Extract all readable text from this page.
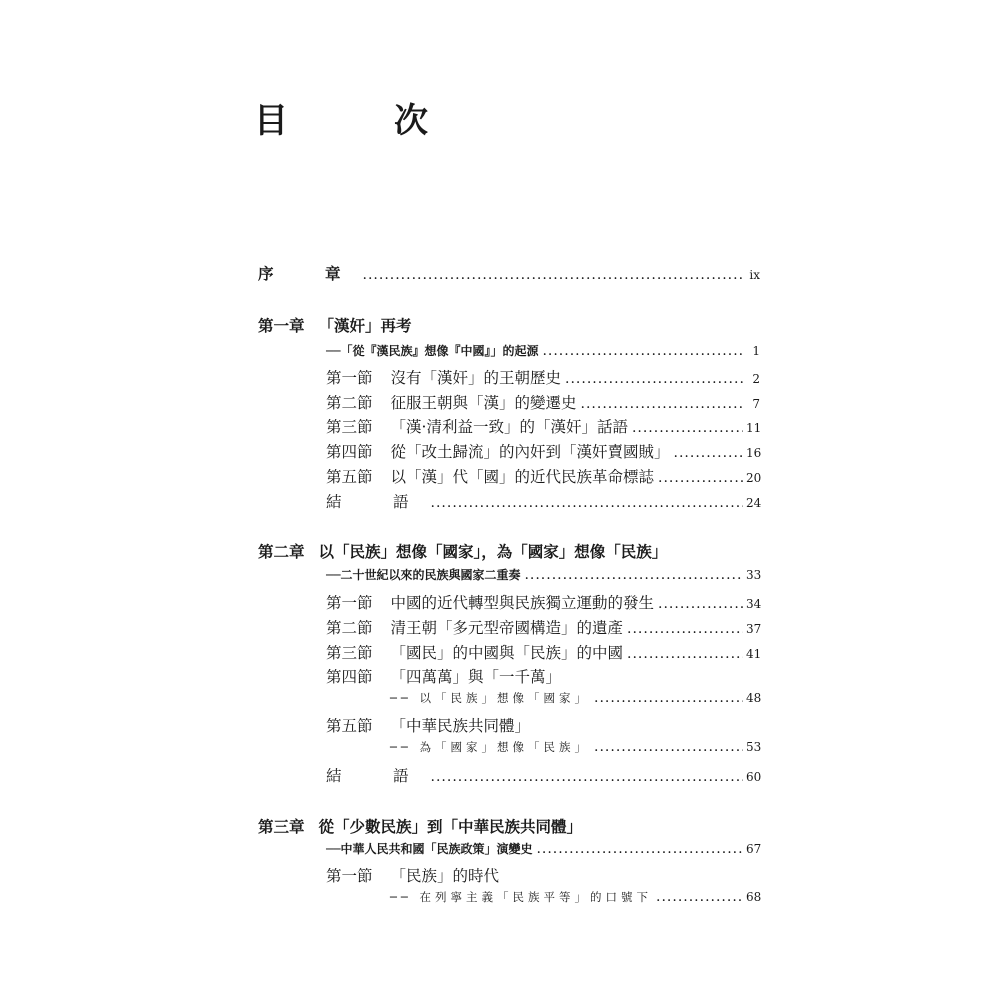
目　次
序　章 .....	ix
第一章 「漢奸」再考
──「從『漢民族』想像『中國』」的起源 .....	1
第一節 沒有「漢奸」的王朝歷史 .....	2
第二節 征服王朝與「漢」的變遷史 .....	7
第三節 「漢·清利益一致」的「漢奸」話語 .....	11
第四節 從「改土歸流」的內奸到「漢奸賣國賊」 .....	16
第五節 以「漢」代「國」的近代民族革命標誌 .....	20
結　語 .....	24
第二章 以「民族」想像「國家」，為「國家」想像「民族」
──二十世紀以來的民族與國家二重奏 .....	33
第一節 中國的近代轉型與民族獨立運動的發生 .....	34
第二節 清王朝「多元型帝國構造」的遺產 .....	37
第三節 「國民」的中國與「民族」的中國 .....	41
第四節 「四萬萬」與「一千萬」
── 以「民族」想像「國家」 .....	48
第五節 「中華民族共同體」
── 為「國家」想像「民族」 .....	53
結　語 .....	60
第三章 從「少數民族」到「中華民族共同體」
──中華人民共和國「民族政策」演變史 .....	67
第一節 「民族」的時代
── 在列寧主義「民族平等」的口號下 .....	68
